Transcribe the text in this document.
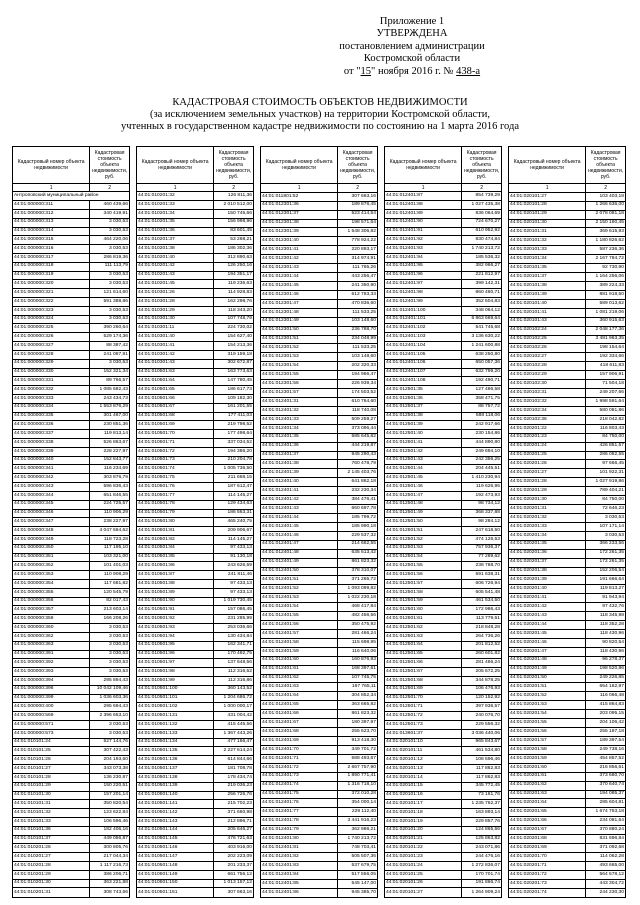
Приложение 1
УТВЕРЖДЕНА
постановлением администрации
Костромской области
от "15" ноября 2016 г. № 438-а
КАДАСТРОВАЯ СТОИМОСТЬ ОБЪЕКТОВ НЕДВИЖИМОСТИ
(за исключением земельных участков) на территории Костромской области,
учтенных в государственном кадастре недвижимости по состоянию на 1 марта 2016 года
Кадастровый номер объекта недвижимости	Кадастровая стоимость объекта недвижимости, руб.
1	2
Антроповский муниципальный район	
44:01:000000:311	460 439,66
44:01:000000:312	340 419,91
44:01:000000:313	3 030,53
44:01:000000:314	3 030,53
44:01:000000:315	464 220,06
44:01:000000:316	3 030,53
44:01:000000:317	286 819,36
44:01:000000:318	111 113,79
44:01:000000:319	3 030,53
44:01:000000:320	3 030,53
44:01:000000:321	121 614,60
44:01:000000:322	591 388,86
44:01:000000:323	3 030,53
44:01:000000:324	3 030,53
44:01:000000:325	390 260,64
44:01:000000:326	529 174,36
44:01:000000:327	88 387,42
44:01:000000:328	241 087,91
44:01:000000:329	3 030,53
44:01:000000:330	152 321,34
44:01:000000:331	89 766,57
44:01:000000:332	1 085 682,43
44:01:000000:333	243 434,73
44:01:000000:334	1 553 876,29
44:01:000000:335	301 467,00
44:01:000000:336	230 851,36
44:01:000000:337	119 813,14
44:01:000000:338	526 863,67
44:01:000000:339	228 227,97
44:01:000000:340	152 843,77
44:01:000000:341	116 234,69
44:01:000000:342	303 876,79
44:01:000000:343	596 836,43
44:01:000000:344	651 846,55
44:01:000000:345	224 725,57
44:01:000000:346	110 906,29
44:01:000000:347	238 227,97
44:01:000000:348	4 047 664,62
44:01:000000:349	118 723,28
44:01:000000:350	117 195,10
44:01:000000:351	103 321,00
44:01:000000:352	101 401,03
44:01:000000:353	110 908,29
44:01:000000:354	117 681,82
44:01:000000:355	120 545,79
44:01:000000:356	82 017,43
44:01:000000:357	213 603,14
44:01:000000:358	166 208,26
44:01:000000:360	3 030,53
44:01:000000:362	3 030,53
44:01:000000:363	3 030,53
44:01:000000:391	3 030,53
44:01:000000:392	3 030,53
44:01:000000:393	3 030,53
44:01:000000:394	295 894,43
44:01:000000:396	10 042 109,46
44:01:000000:399	1 036 603,36
44:01:000000:400	295 694,43
44:01:000000:569	2 396 653,10
44:01:000000:571	3 030,53
44:01:000000:573	3 030,53
44:01:010101:24	527 144,76
44:01:010101:25	307 422,43
44:01:010101:26	204 193,60
44:01:010101:27	343 073,38
44:01:010101:28	136 230,87
44:01:010101:29	150 220,51
44:01:010101:30	157 201,14
44:01:010101:31	350 820,54
44:01:010101:32	123 622,84
44:01:010101:33	106 596,46
44:01:010101:36	182 406,16
44:01:010101:37	449 056,87
44:01:010201:26	300 805,76
44:01:010201:27	217 044,34
44:01:010201:28	1 117 216,73
44:01:010201:29	386 206,71
44:01:010201:30	363 221,88
44:01:010201:31	308 743,66
Кадастровый номер объекта недвижимости	Кадастровая стоимость объекта недвижимости, руб.
1	2
44:01:010201:32	126 811,36
44:01:010201:33	2 010 512,00
44:01:010201:34	150 745,66
44:01:010201:35	156 998,96
44:01:010201:36	83 601,45
44:01:010201:37	53 268,21
44:01:010201:38	186 302,36
44:01:010201:40	312 890,63
44:01:010201:42	126 250,16
44:01:010201:43	194 351,17
44:01:010201:45	119 236,63
44:01:010301:26	114 928,83
44:01:010301:28	162 298,76
44:01:010301:29	118 343,20
44:01:010301:30	107 748,79
44:01:010301:11	224 730,02
44:01:010301:40	154 627,40
44:01:010301:41	154 213,36
44:01:010301:42	319 159,18
44:01:010301:43	302 672,87
44:01:010501:63	163 773,63
44:01:010501:64	147 780,45
44:01:010501:65	186 617,73
44:01:010501:66	109 182,30
44:01:010501:67	161 201,55
44:01:010501:68	177 411,03
44:01:010501:69	219 798,52
44:01:010501:70	177 498,64
44:01:010501:71	337 034,52
44:01:010501:72	194 386,20
44:01:010501:73	210 204,78
44:01:010501:74	1 005 736,50
44:01:010501:75	211 668,15
44:01:010501:76	187 612,47
44:01:010501:77	114 145,27
44:01:010501:78	129 434,63
44:01:010501:79	186 563,31
44:01:010501:80	465 240,75
44:01:010501:81	209 906,67
44:01:010501:82	114 145,27
44:01:010501:84	97 433,13
44:01:010501:85	91 130,18
44:01:010501:86	243 626,59
44:01:010501:87	241 811,46
44:01:010501:88	97 433,13
44:01:010501:89	97 433,13
44:01:010501:90	1 019 730,45
44:01:010501:91	157 086,45
44:01:010501:92	231 285,99
44:01:010501:93	253 036,66
44:01:010501:94	130 434,84
44:01:010501:95	162 341,71
44:01:010501:96	170 492,75
44:01:010501:97	137 648,56
44:01:010501:98	112 316,52
44:01:010501:99	112 316,86
44:01:010501:100	360 143,52
44:01:010501:101	1 204 686,72
44:01:010501:102	1 000 000,17
44:01:010501:131	431 004,42
44:01:010501:132	415 445,56
44:01:010501:133	1 367 443,26
44:01:010501:134	477 166,47
44:01:010501:135	2 227 614,24
44:01:010501:136	614 844,66
44:01:010501:137	181 708,78
44:01:010501:138	178 434,74
44:01:010501:139	219 036,23
44:01:010501:140	256 726,76
44:01:010501:141	215 702,23
44:01:010501:142	371 660,98
44:01:010501:143	212 896,71
44:01:010501:144	205 646,27
44:01:010501:145	476 721,63
44:01:010501:146	403 916,00
44:01:010501:147	202 223,09
44:01:010501:148	201 233,37
44:01:010501:149	661 756,12
44:01:010501:150	1 013 157,12
44:01:010501:151	307 663,16
Кадастровый номер объекта недвижимости	Кадастровая стоимость объекта недвижимости, руб.
1	2
44:01:011801:52	307 663,16
44:01:012301:36	189 876,45
44:01:012301:37	523 414,54
44:01:012301:38	198 571,64
44:01:012301:39	1 548 306,82
44:01:012301:40	778 924,22
44:01:012301:41	220 893,17
44:01:012301:42	314 974,91
44:01:012301:43	111 765,26
44:01:012301:44	443 256,47
44:01:012301:45	241 350,90
44:01:012301:46	612 783,33
44:01:012301:47	470 836,60
44:01:012301:48	111 533,25
44:01:012301:49	103 148,60
44:01:012301:50	236 788,70
44:01:012301:51	234 048,99
44:01:012301:52	111 533,25
44:01:012301:53	103 148,60
44:01:012301:54	202 320,33
44:01:012301:55	194 966,47
44:01:012301:56	226 939,34
44:01:012301:57	174 503,52
44:01:012401:31	610 764,60
44:01:012401:32	118 740,08
44:01:012401:33	509 259,27
44:01:012401:34	373 096,44
44:01:012401:35	585 645,82
44:01:012401:36	444 219,87
44:01:012401:37	945 290,43
44:01:012401:38	760 478,79
44:01:012401:39	2 145 403,76
44:01:012401:40	641 862,18
44:01:012401:41	232 230,34
44:01:012401:42	384 476,41
44:01:012401:43	660 697,78
44:01:012401:44	185 799,72
44:01:012401:45	185 990,18
44:01:012401:46	229 537,32
44:01:012401:47	214 662,55
44:01:012401:48	635 613,42
44:01:012401:49	861 823,32
44:01:012401:50	378 310,07
44:01:012401:51	371 265,72
44:01:012401:52	1 093 099,82
44:01:012401:53	1 022 230,18
44:01:012401:54	468 417,84
44:01:012401:55	482 456,56
44:01:012401:56	350 475,92
44:01:012401:57	281 466,24
44:01:012401:58	115 698,95
44:01:012401:59	116 640,06
44:01:012401:60	160 876,93
44:01:012401:61	168 397,61
44:01:012401:62	107 745,75
44:01:012401:63	167 765,11
44:01:012401:64	304 852,34
44:01:012401:65	363 665,82
44:01:012401:66	861 823,32
44:01:012401:67	180 397,97
44:01:012401:68	255 623,70
44:01:012401:69	913 418,30
44:01:012401:70	349 701,72
44:01:012401:71	588 493,67
44:01:012401:72	2 667 757,90
44:01:012401:73	1 890 771,41
44:01:012401:74	1 316 718,10
44:01:012401:75	372 010,28
44:01:012401:76	354 000,14
44:01:012401:77	229 112,40
44:01:012401:78	3 441 916,23
44:01:012401:79	362 986,21
44:01:012401:80	1 740 213,72
44:01:012401:81	748 703,41
44:01:012401:82	505 507,36
44:01:012401:83	537 679,75
44:01:012401:84	517 556,05
44:01:012401:85	545 147,00
44:01:012401:86	945 385,70
Кадастровый номер объекта недвижимости	Кадастровая стоимость объекта недвижимости, руб.
1	2
44:01:012401:87	854 739,29
44:01:012401:88	1 027 435,38
44:01:012401:89	836 064,69
44:01:012401:90	724 670,27
44:01:012401:91	610 952,92
44:01:012401:92	830 474,84
44:01:012401:93	1 740 213,72
44:01:012401:94	185 536,32
44:01:012401:95	382 966,27
44:01:012401:96	221 812,97
44:01:012401:97	399 142,31
44:01:012401:98	860 460,71
44:01:012401:99	352 504,83
44:01:012401:100	348 064,12
44:01:012401:101	6 863 669,64
44:01:012401:102	541 745,68
44:01:012401:103	3 136 630,22
44:01:012401:104	1 241 600,88
44:01:012401:105	638 250,80
44:01:012401:106	650 057,36
44:01:012401:107	632 799,20
44:01:012401:108	192 490,71
44:01:012501:35	127 486,58
44:01:012501:36	358 471,75
44:01:012501:37	88 757,72
44:01:012501:38	588 118,06
44:01:012501:39	242 917,66
44:01:012501:40	230 154,86
44:01:012501:41	444 890,80
44:01:012501:42	249 694,10
44:01:012501:43	242 356,25
44:01:012501:44	204 445,51
44:01:012501:45	1 410 230,94
44:01:012501:46	119 626,95
44:01:012501:47	192 473,93
44:01:012501:48	98 734,12
44:01:012501:49	368 337,88
44:01:012501:50	98 284,12
44:01:012501:51	247 618,50
44:01:012501:52	474 126,53
44:01:012501:53	757 936,37
44:01:012501:54	77 289,62
44:01:012501:55	238 788,70
44:01:012501:56	591 638,31
44:01:012501:57	606 726,94
44:01:012501:58	605 541,48
44:01:012501:59	461 534,50
44:01:012501:60	172 986,43
44:01:012501:61	113 779,51
44:01:012501:62	218 848,28
44:01:012501:63	264 736,26
44:01:012501:64	201 812,52
44:01:012501:65	260 601,82
44:01:012501:66	281 466,24
44:01:012501:67	205 672,25
44:01:012501:68	344 878,25
44:01:012501:69	106 476,93
44:01:012501:70	120 152,92
44:01:012501:71	397 936,57
44:01:012501:72	240 076,70
44:01:012501:73	229 556,32
44:01:013601:37	3 036 440,06
44:01:020101:10	965 843,67
44:01:020101:11	461 534,80
44:01:020101:12	108 696,46
44:01:020101:13	117 862,83
44:01:020101:14	117 862,83
44:01:020101:15	345 772,45
44:01:020101:16	73 161,76
44:01:020101:17	1 235 762,37
44:01:020101:18	163 893,14
44:01:020101:19	229 857,76
44:01:020101:20	124 865,56
44:01:020101:21	125 863,82
44:01:020101:22	243 071,86
44:01:020101:23	244 476,16
44:01:020101:24	1 272 836,07
44:01:020101:25	170 701,74
44:01:020101:26	191 866,74
44:01:020101:27	1 264 909,24
Кадастровый номер объекта недвижимости	Кадастровая стоимость объекта недвижимости, руб.
1	2
44:01:020101:27	103 403,18
44:01:020101:28	1 266 636,00
44:01:020101:29	2 078 081,18
44:01:020101:30	2 150 160,45
44:01:020101:31	369 615,93
44:01:020101:32	1 180 826,62
44:01:020101:33	587 236,36
44:01:020101:34	2 167 784,72
44:01:020101:35	92 730,90
44:01:020101:37	1 164 256,06
44:01:020101:38	389 224,33
44:01:020101:39	881 918,50
44:01:020101:40	589 013,62
44:01:020101:41	1 081 219,06
44:01:020101:43	360 915,63
44:01:020102:24	2 048 177,36
44:01:020102:25	3 481 963,35
44:01:020102:26	198 154,64
44:01:020102:27	192 334,66
44:01:020102:28	418 611,83
44:01:020102:29	157 906,91
44:01:020102:30	71 504,18
44:01:020102:31	249 207,66
44:01:020102:32	1 998 591,64
44:01:020102:34	580 081,86
44:01:020102:36	218 042,82
44:01:020201:22	116 803,43
44:01:020201:23	84 750,00
44:01:020201:24	426 851,57
44:01:020201:25	286 082,55
44:01:020201:26	97 666,45
44:01:020201:27	101 922,31
44:01:020201:28	1 027 919,86
44:01:020201:29	789 404,21
44:01:020201:30	84 750,00
44:01:020201:31	72 646,23
44:01:020201:32	3 030,53
44:01:020201:33	107 171,14
44:01:020201:34	3 030,53
44:01:020201:35	366 233,56
44:01:020201:36	172 261,35
44:01:020201:37	172 261,35
44:01:020201:38	152 206,54
44:01:020201:39	191 666,64
44:01:020201:40	119 813,27
44:01:020201:41	91 943,94
44:01:020201:42	97 432,76
44:01:020201:43	118 345,98
44:01:020201:44	118 352,28
44:01:020201:45	118 430,96
44:01:020201:46	90 820,54
44:01:020201:47	118 430,96
44:01:020201:48	96 278,37
44:01:020201:49	198 520,86
44:01:020201:50	249 226,85
44:01:020201:51	654 162,97
44:01:020201:52	116 066,48
44:01:020201:53	415 864,83
44:01:020201:54	203 095,15
44:01:020201:55	204 106,42
44:01:020201:56	255 187,18
44:01:020201:57	189 397,54
44:01:020201:58	249 738,16
44:01:020201:59	454 857,52
44:01:020201:60	216 856,61
44:01:020201:61	373 680,70
44:01:020201:62	370 640,74
44:01:020201:63	194 085,37
44:01:020201:64	285 604,81
44:01:020201:65	1 674 753,18
44:01:020201:66	234 081,64
44:01:020201:67	370 880,24
44:01:020201:68	831 696,84
44:01:020201:69	371 092,68
44:01:020201:70	114 062,28
44:01:020201:71	493 665,00
44:01:020201:72	564 578,12
44:01:020201:73	443 304,72
44:01:020201:74	244 230,30
